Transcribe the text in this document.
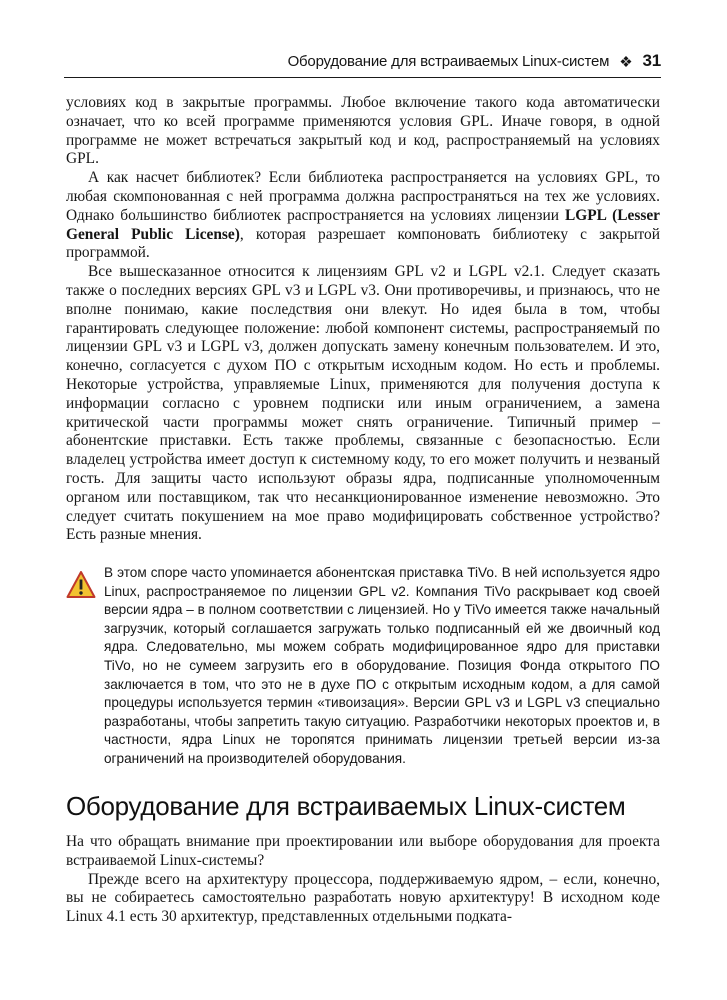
Оборудование для встраиваемых Linux-систем ❖ 31

условиях код в закрытые программы. Любое включение такого кода автоматически означает, что ко всей программе применяются условия GPL. Иначе говоря, в одной программе не может встречаться закрытый код и код, распространяемый на условиях GPL.

А как насчет библиотек? Если библиотека распространяется на условиях GPL, то любая скомпонованная с ней программа должна распространяться на тех же условиях. Однако большинство библиотек распространяется на условиях лицензии LGPL (Lesser General Public License), которая разрешает компоновать библиотеку с закрытой программой.

Все вышесказанное относится к лицензиям GPL v2 и LGPL v2.1. Следует сказать также о последних версиях GPL v3 и LGPL v3. Они противоречивы, и признаюсь, что не вполне понимаю, какие последствия они влекут. Но идея была в том, чтобы гарантировать следующее положение: любой компонент системы, распространяемый по лицензии GPL v3 и LGPL v3, должен допускать замену конечным пользователем. И это, конечно, согласуется с духом ПО с открытым исходным кодом. Но есть и проблемы. Некоторые устройства, управляемые Linux, применяются для получения доступа к информации согласно с уровнем подписки или иным ограничением, а замена критической части программы может снять ограничение. Типичный пример – абонентские приставки. Есть также проблемы, связанные с безопасностью. Если владелец устройства имеет доступ к системному коду, то его может получить и незваный гость. Для защиты часто используют образы ядра, подписанные уполномоченным органом или поставщиком, так что несанкционированное изменение невозможно. Это следует считать покушением на мое право модифицировать собственное устройство? Есть разные мнения.

В этом споре часто упоминается абонентская приставка TiVo. В ней используется ядро Linux, распространяемое по лицензии GPL v2. Компания TiVo раскрывает код своей версии ядра – в полном соответствии с лицензией. Но у TiVo имеется также начальный загрузчик, который соглашается загружать только подписанный ей же двоичный код ядра. Следовательно, мы можем собрать модифицированное ядро для приставки TiVo, но не сумеем загрузить его в оборудование. Позиция Фонда открытого ПО заключается в том, что это не в духе ПО с открытым исходным кодом, а для самой процедуры используется термин «тивоизация». Версии GPL v3 и LGPL v3 специально разработаны, чтобы запретить такую ситуацию. Разработчики некоторых проектов и, в частности, ядра Linux не торопятся принимать лицензии третьей версии из-за ограничений на производителей оборудования.

Оборудование для встраиваемых Linux-систем

На что обращать внимание при проектировании или выборе оборудования для проекта встраиваемой Linux-системы?

Прежде всего на архитектуру процессора, поддерживаемую ядром, – если, конечно, вы не собираетесь самостоятельно разработать новую архитектуру! В исходном коде Linux 4.1 есть 30 архитектур, представленных отдельными подката-
